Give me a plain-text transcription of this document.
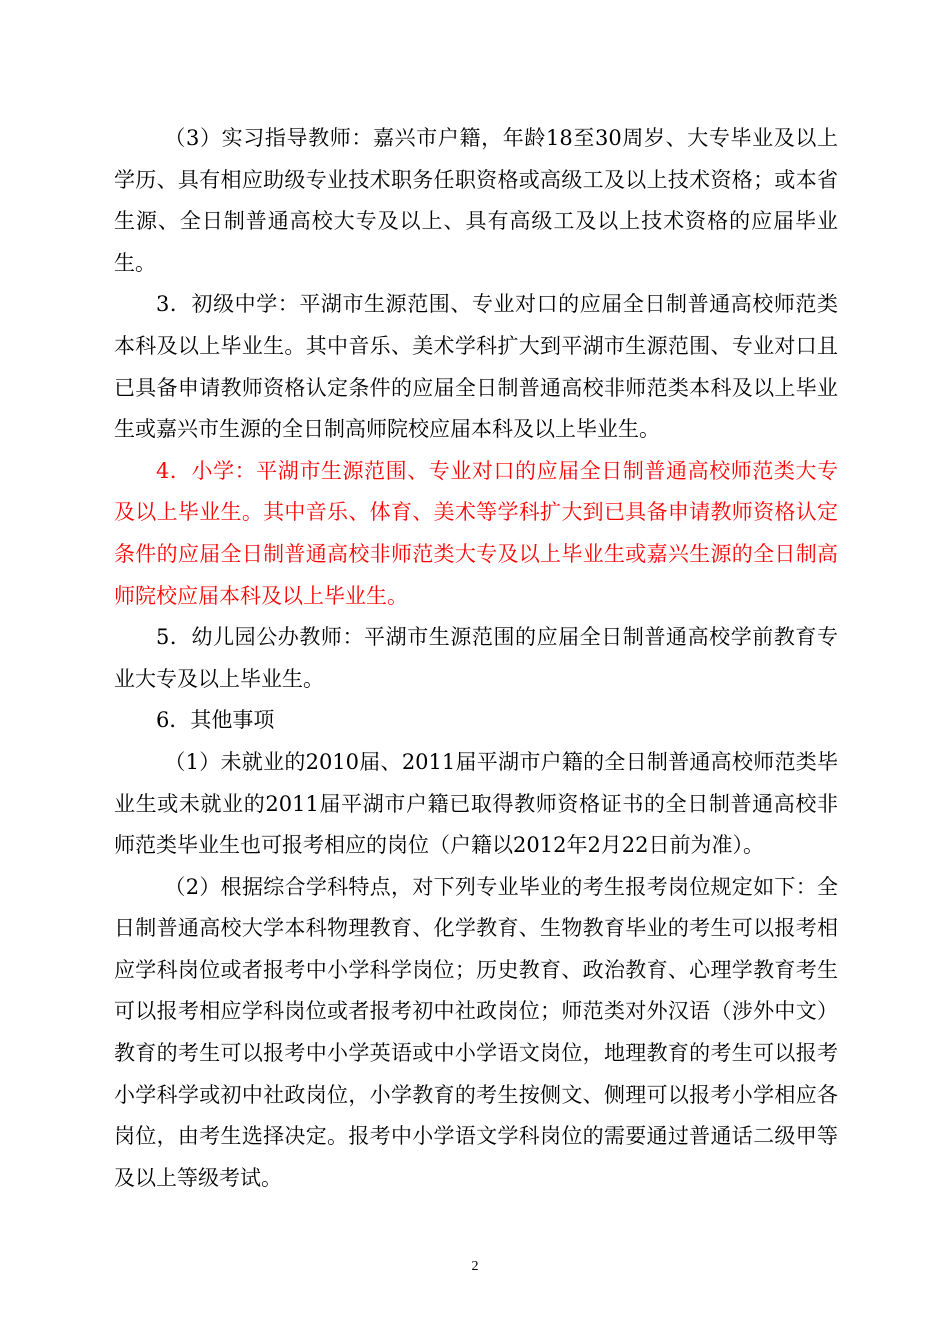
（3）实习指导教师：嘉兴市户籍，年龄18至30周岁、大专毕业及以上学历、具有相应助级专业技术职务任职资格或高级工及以上技术资格；或本省生源、全日制普通高校大专及以上、具有高级工及以上技术资格的应届毕业生。

3．初级中学：平湖市生源范围、专业对口的应届全日制普通高校师范类本科及以上毕业生。其中音乐、美术学科扩大到平湖市生源范围、专业对口且已具备申请教师资格认定条件的应届全日制普通高校非师范类本科及以上毕业生或嘉兴市生源的全日制高师院校应届本科及以上毕业生。

4．小学：平湖市生源范围、专业对口的应届全日制普通高校师范类大专及以上毕业生。其中音乐、体育、美术等学科扩大到已具备申请教师资格认定条件的应届全日制普通高校非师范类大专及以上毕业生或嘉兴生源的全日制高师院校应届本科及以上毕业生。

5．幼儿园公办教师：平湖市生源范围的应届全日制普通高校学前教育专业大专及以上毕业生。

6．其他事项

（1）未就业的2010届、2011届平湖市户籍的全日制普通高校师范类毕业生或未就业的2011届平湖市户籍已取得教师资格证书的全日制普通高校非师范类毕业生也可报考相应的岗位（户籍以2012年2月22日前为准）。

（2）根据综合学科特点，对下列专业毕业的考生报考岗位规定如下：全日制普通高校大学本科物理教育、化学教育、生物教育毕业的考生可以报考相应学科岗位或者报考中小学科学岗位；历史教育、政治教育、心理学教育考生可以报考相应学科岗位或者报考初中社政岗位；师范类对外汉语（涉外中文）教育的考生可以报考中小学英语或中小学语文岗位，地理教育的考生可以报考小学科学或初中社政岗位，小学教育的考生按侧文、侧理可以报考小学相应各岗位，由考生选择决定。报考中小学语文学科岗位的需要通过普通话二级甲等及以上等级考试。

2
